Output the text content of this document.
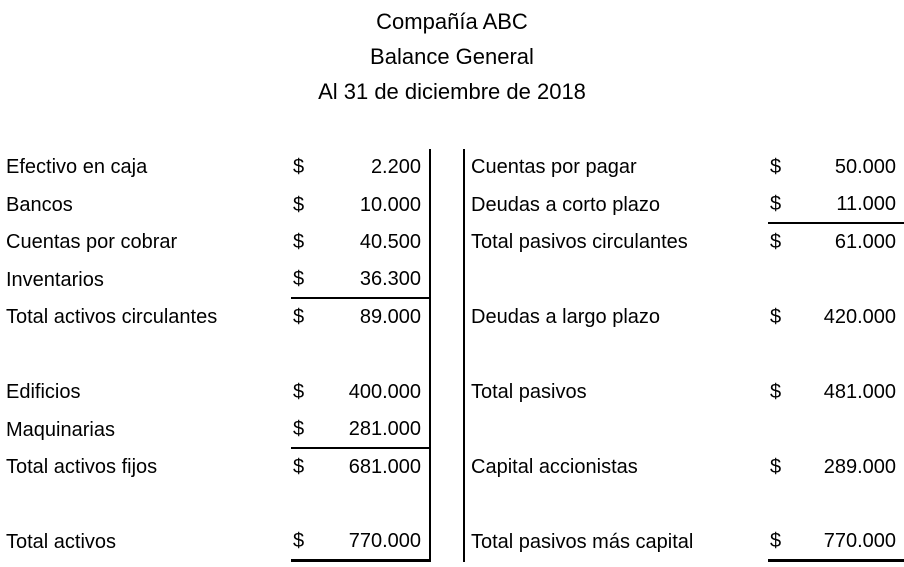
Compañía ABC
Balance General
Al 31 de diciembre de 2018
Efectivo en caja	$	2.200
Bancos	$	10.000
Cuentas por cobrar	$	40.500
Inventarios	$	36.300
Total activos circulantes	$	89.000
Edificios	$ 400.000
Maquinarias	$ 281.000
Total activos fijos	$ 681.000
Total activos	$ 770.000
Cuentas por pagar	$	50.000
Deudas a corto plazo	$	11.000
Total pasivos circulantes	$	61.000
Deudas a largo plazo	$ 420.000
Total pasivos	$ 481.000
Capital accionistas	$ 289.000
Total pasivos más capital	$ 770.000
